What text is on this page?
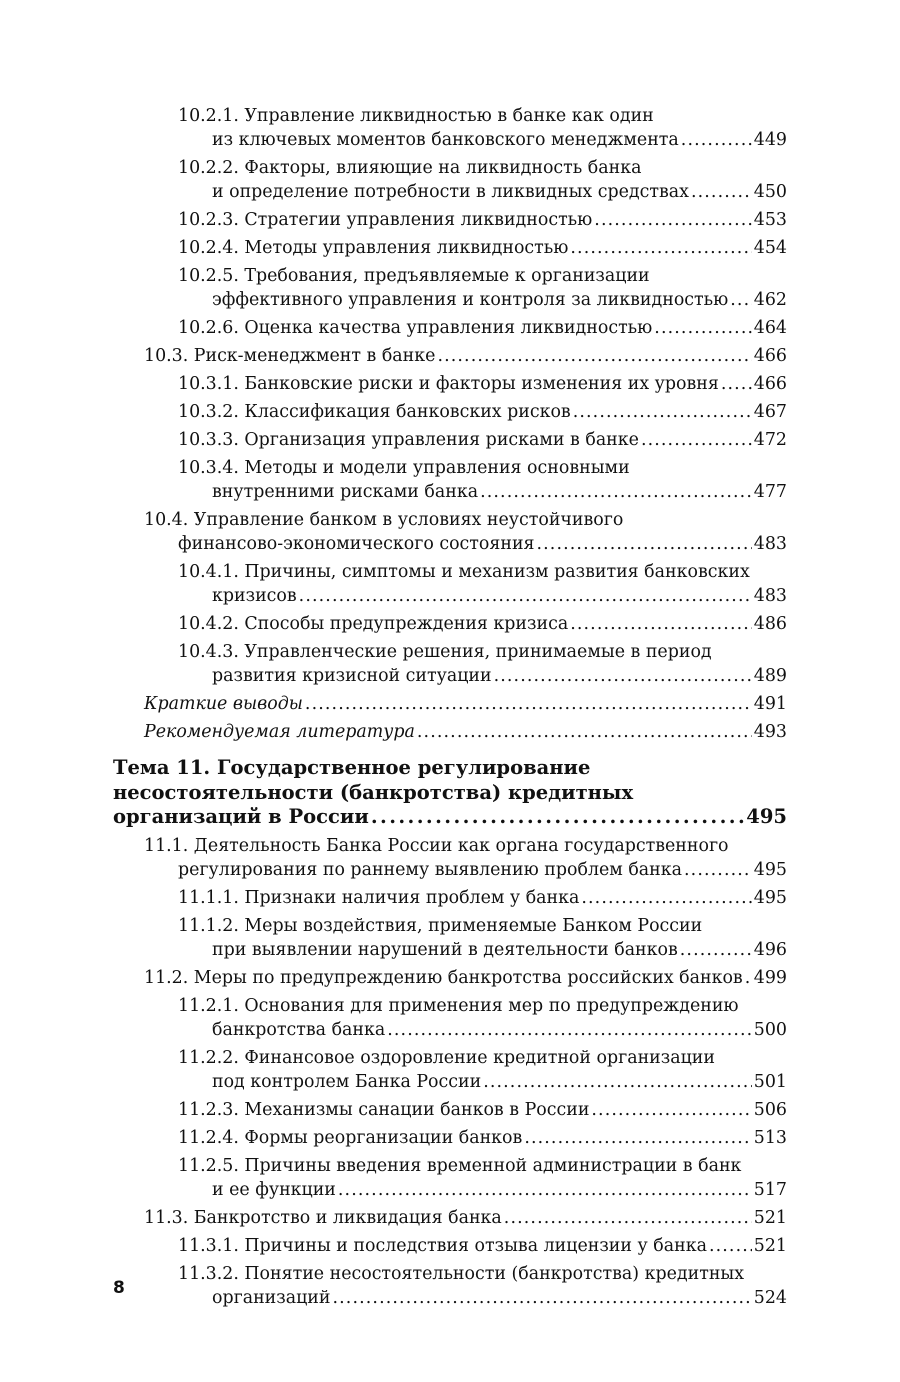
10.2.1. Управление ликвидностью в банке как один
из ключевых моментов банковского менеджмента . . .	449
10.2.2. Факторы, влияющие на ликвидность банка
и определение потребности в ликвидных средствах . . .	450
10.2.3. Стратегии управления ликвидностью . . .	453
10.2.4. Методы управления ликвидностью . . .	454
10.2.5. Требования, предъявляемые к организации
эффективного управления и контроля за ликвидностью . . . 462
10.2.6. Оценка качества управления ликвидностью . . .	464
10.3. Риск-менеджмент в банке . . .	466
10.3.1. Банковские риски и факторы изменения их уровня . . . 466
10.3.2. Классификация банковских рисков . . .	467
10.3.3. Организация управления рисками в банке . . .	472
10.3.4. Методы и модели управления основными
внутренними рисками банка . . .	477
10.4. Управление банком в условиях неустойчивого
финансово-экономического состояния . . .	483
10.4.1. Причины, симптомы и механизм развития банковских
кризисов . . .	483
10.4.2. Способы предупреждения кризиса . . .	486
10.4.3. Управленческие решения, принимаемые в период
развития кризисной ситуации . . .	489
Краткие выводы . . .	491
Рекомендуемая литература . . .	493
Тема 11. Государственное регулирование
несостоятельности (банкротства) кредитных
организаций в России . . .	495
11.1. Деятельность Банка России как органа государственного
регулирования по раннему выявлению проблем банка . . .	495
11.1.1. Признаки наличия проблем у банка . . .	495
11.1.2. Меры воздействия, применяемые Банком России
при выявлении нарушений в деятельности банков . . .	496
11.2. Меры по предупреждению банкротства российских банков . . . 499
11.2.1. Основания для применения мер по предупреждению
банкротства банка . . .	500
11.2.2. Финансовое оздоровление кредитной организации
под контролем Банка России . . .	501
11.2.3. Механизмы санации банков в России . . .	506
11.2.4. Формы реорганизации банков . . .	513
11.2.5. Причины введения временной администрации в банк
и ее функции . . .	517
11.3. Банкротство и ликвидация банка . . .	521
11.3.1. Причины и последствия отзыва лицензии у банка . . .	521
11.3.2. Понятие несостоятельности (банкротства) кредитных
организаций . . .	524
8
